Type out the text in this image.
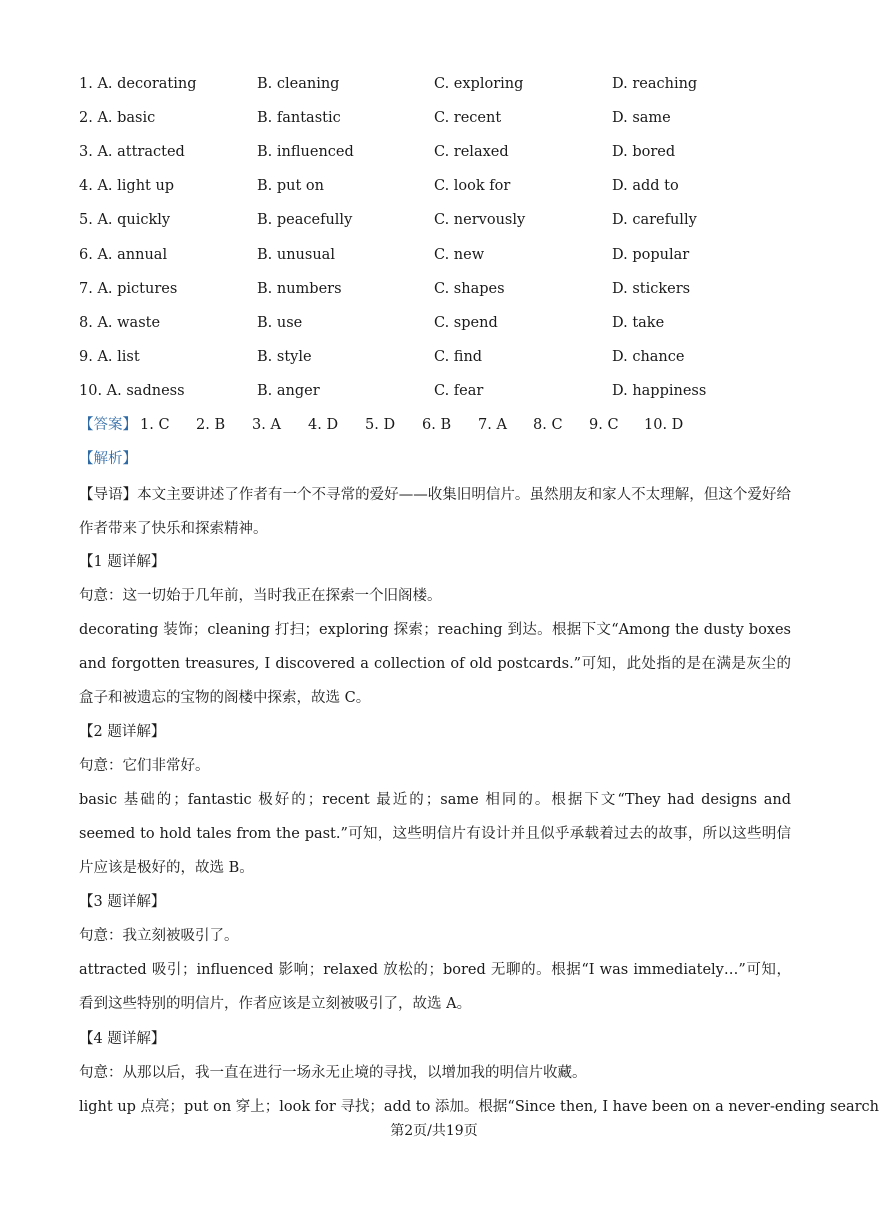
1. A. decorating	B. cleaning	C. exploring	D. reaching
2. A. basic	B. fantastic	C. recent	D. same
3. A. attracted	B. influenced	C. relaxed	D. bored
4. A. light up	B. put on	C. look for	D. add to
5. A. quickly	B. peacefully	C. nervously	D. carefully
6. A. annual	B. unusual	C. new	D. popular
7. A. pictures	B. numbers	C. shapes	D. stickers
8. A. waste	B. use	C. spend	D. take
9. A. list	B. style	C. find	D. chance
10. A. sadness	B. anger	C. fear	D. happiness
【答案】 1. C 2. B 3. A 4. D 5. D 6. B 7. A 8. C 9. C 10. D
【解析】
【导语】本文主要讲述了作者有一个不寻常的爱好——收集旧明信片。虽然朋友和家人不太理解，但这个爱好给作者带来了快乐和探索精神。
【1 题详解】
句意：这一切始于几年前，当时我正在探索一个旧阁楼。
decorating 装饰；cleaning 打扫；exploring 探索；reaching 到达。根据下文“Among the dusty boxes and forgotten treasures, I discovered a collection of old postcards.”可知，此处指的是在满是灰尘的盒子和被遗忘的宝物的阁楼中探索，故选 C。
【2 题详解】
句意：它们非常好。
basic 基础的；fantastic 极好的；recent 最近的；same 相同的。根据下文“They had designs and seemed to hold tales from the past.”可知，这些明信片有设计并且似乎承载着过去的故事，所以这些明信片应该是极好的，故选 B。
【3 题详解】
句意：我立刻被吸引了。
attracted 吸引；influenced 影响；relaxed 放松的；bored 无聊的。根据“I was immediately…”可知，看到这些特别的明信片，作者应该是立刻被吸引了，故选 A。
【4 题详解】
句意：从那以后，我一直在进行一场永无止境的寻找，以增加我的明信片收藏。
light up 点亮；put on 穿上；look for 寻找；add to 添加。根据“Since then, I have been on a never-ending search
第2页/共19页
